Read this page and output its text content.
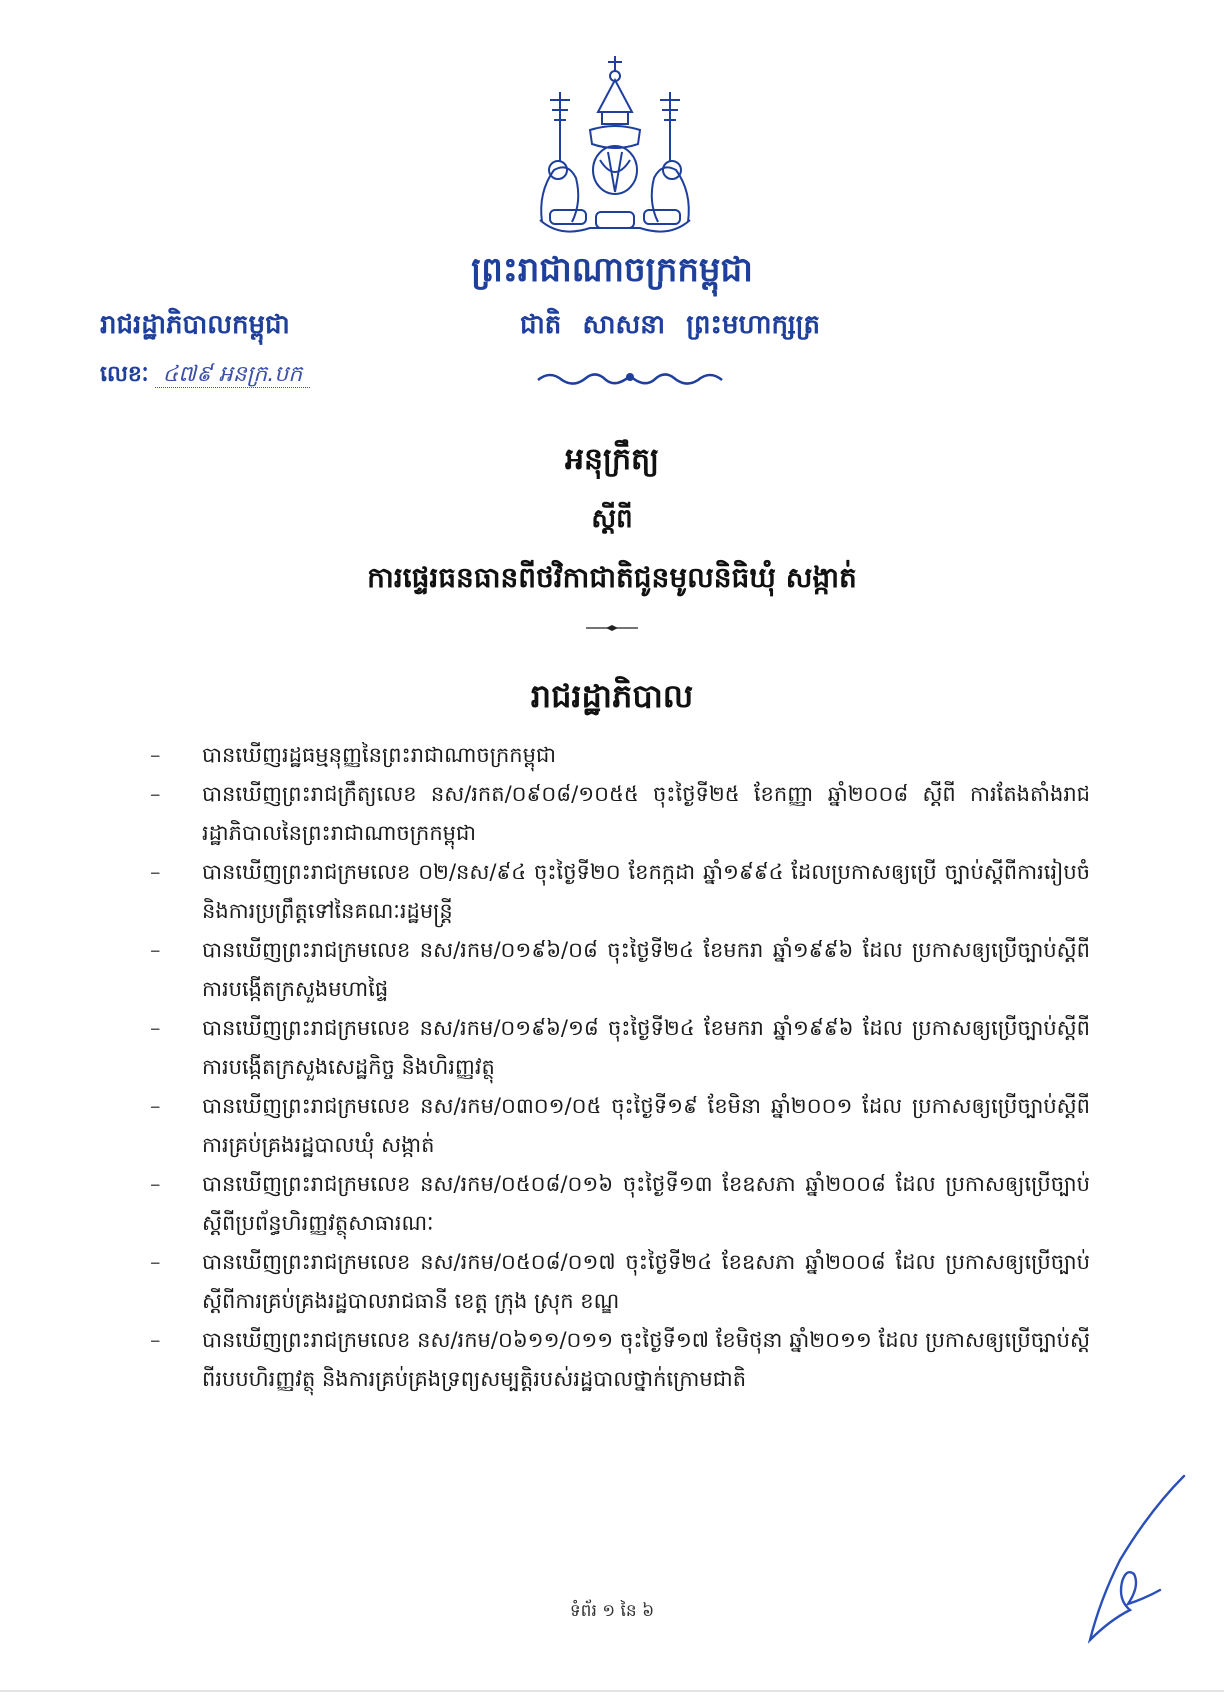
ព្រះរាជាណាចក្រកម្ពុជា
រាជរដ្ឋាភិបាលកម្ពុជា	ជាតិ សាសនា ព្រះមហាក្សត្រ
លេខៈ ៤៧៩ អនក្រ.បក
អនុក្រឹត្យ
ស្តីពី
ការផ្ទេរធនធានពីថវិកាជាតិជូនមូលនិធិឃុំ សង្កាត់
រាជរដ្ឋាភិបាល
–	បានឃើញរដ្ឋធម្មនុញ្ញនៃព្រះរាជាណាចក្រកម្ពុជា
–	បានឃើញព្រះរាជក្រឹត្យលេខ នស/រកត/០៩០៨/១០៥៥ ចុះថ្ងៃទី២៥ ខែកញ្ញា ឆ្នាំ២០០៨ ស្តីពី ការតែងតាំងរាជរដ្ឋាភិបាលនៃព្រះរាជាណាចក្រកម្ពុជា
–	បានឃើញព្រះរាជក្រមលេខ ០២/នស/៩៤ ចុះថ្ងៃទី២០ ខែកក្កដា ឆ្នាំ១៩៩៤ ដែលប្រកាសឲ្យប្រើ ច្បាប់ស្តីពីការរៀបចំ និងការប្រព្រឹត្តទៅនៃគណៈរដ្ឋមន្ត្រី
–	បានឃើញព្រះរាជក្រមលេខ នស/រកម/០១៩៦/០៨ ចុះថ្ងៃទី២៤ ខែមករា ឆ្នាំ១៩៩៦ ដែល ប្រកាសឲ្យប្រើច្បាប់ស្តីពីការបង្កើតក្រសួងមហាផ្ទៃ
–	បានឃើញព្រះរាជក្រមលេខ នស/រកម/០១៩៦/១៨ ចុះថ្ងៃទី២៤ ខែមករា ឆ្នាំ១៩៩៦ ដែល ប្រកាសឲ្យប្រើច្បាប់ស្តីពីការបង្កើតក្រសួងសេដ្ឋកិច្ច និងហិរញ្ញវត្ថុ
–	បានឃើញព្រះរាជក្រមលេខ នស/រកម/០៣០១/០៥ ចុះថ្ងៃទី១៩ ខែមិនា ឆ្នាំ២០០១ ដែល ប្រកាសឲ្យប្រើច្បាប់ស្តីពីការគ្រប់គ្រងរដ្ឋបាលឃុំ សង្កាត់
–	បានឃើញព្រះរាជក្រមលេខ នស/រកម/០៥០៨/០១៦ ចុះថ្ងៃទី១៣ ខែឧសភា ឆ្នាំ២០០៨ ដែល ប្រកាសឲ្យប្រើច្បាប់ស្តីពីប្រព័ន្ធហិរញ្ញវត្ថុសាធារណៈ
–	បានឃើញព្រះរាជក្រមលេខ នស/រកម/០៥០៨/០១៧ ចុះថ្ងៃទី២៤ ខែឧសភា ឆ្នាំ២០០៨ ដែល ប្រកាសឲ្យប្រើច្បាប់ស្តីពីការគ្រប់គ្រងរដ្ឋបាលរាជធានី ខេត្ត ក្រុង ស្រុក ខណ្ឌ
–	បានឃើញព្រះរាជក្រមលេខ នស/រកម/០៦១១/០១១ ចុះថ្ងៃទី១៧ ខែមិថុនា ឆ្នាំ២០១១ ដែល ប្រកាសឲ្យប្រើច្បាប់ស្តីពីរបបហិរញ្ញវត្ថុ និងការគ្រប់គ្រងទ្រព្យសម្បត្តិរបស់រដ្ឋបាលថ្នាក់ក្រោមជាតិ
ទំព័រ ១ នៃ ៦
